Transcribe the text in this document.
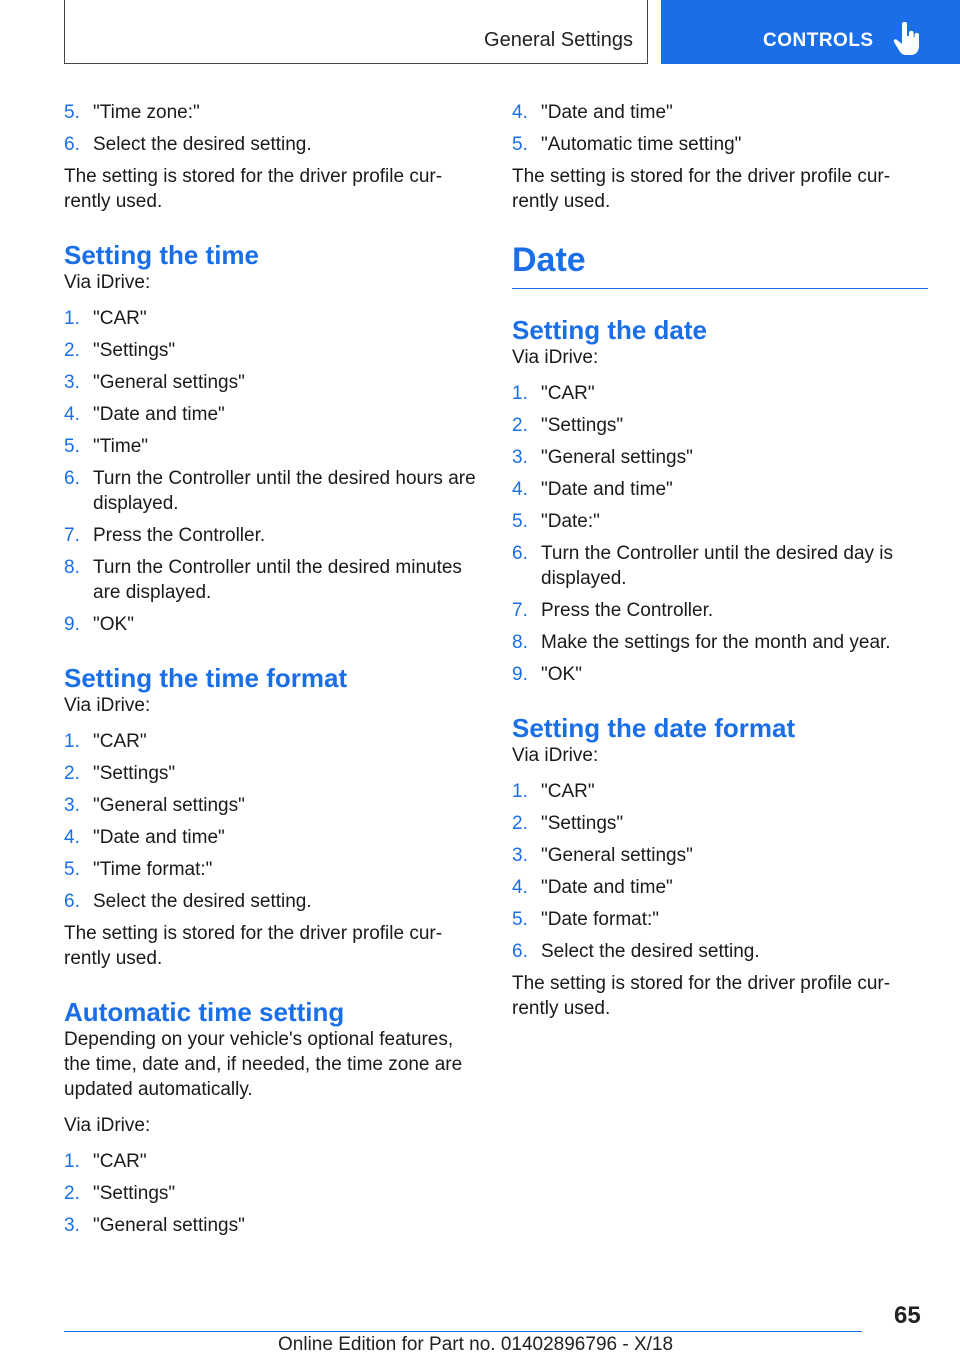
General Settings	CONTROLS
5. "Time zone:"
6. Select the desired setting.

The setting is stored for the driver profile cur-
rently used.

Setting the time

Via iDrive:

1. "CAR"
2. "Settings"
3. "General settings"
4. "Date and time"
5. "Time"
6. Turn the Controller until the desired hours are displayed.
7. Press the Controller.
8. Turn the Controller until the desired minutes are displayed.
9. "OK"
Setting the time format

Via iDrive:

1. "CAR"
2. "Settings"
3. "General settings"
4. "Date and time"
5. "Time format:"
6. Select the desired setting.

The setting is stored for the driver profile cur-
rently used.

Automatic time setting

Depending on your vehicle's optional features, the time, date and, if needed, the time zone are updated automatically.

Via iDrive:

1. "CAR"
2. "Settings"
3. "General settings"
4. "Date and time"
5. "Automatic time setting"

The setting is stored for the driver profile cur-
rently used.

Date
Setting the date

Via iDrive:

1. "CAR"
2. "Settings"
3. "General settings"
4. "Date and time"
5. "Date:"
6. Turn the Controller until the desired day is displayed.
7. Press the Controller.
8. Make the settings for the month and year.
9. "OK"
Setting the date format

Via iDrive:

1. "CAR"
2. "Settings"
3. "General settings"
4. "Date and time"
5. "Date format:"
6. Select the desired setting.

The setting is stored for the driver profile cur-
rently used.

65
Online Edition for Part no. 01402896796 - X/18
